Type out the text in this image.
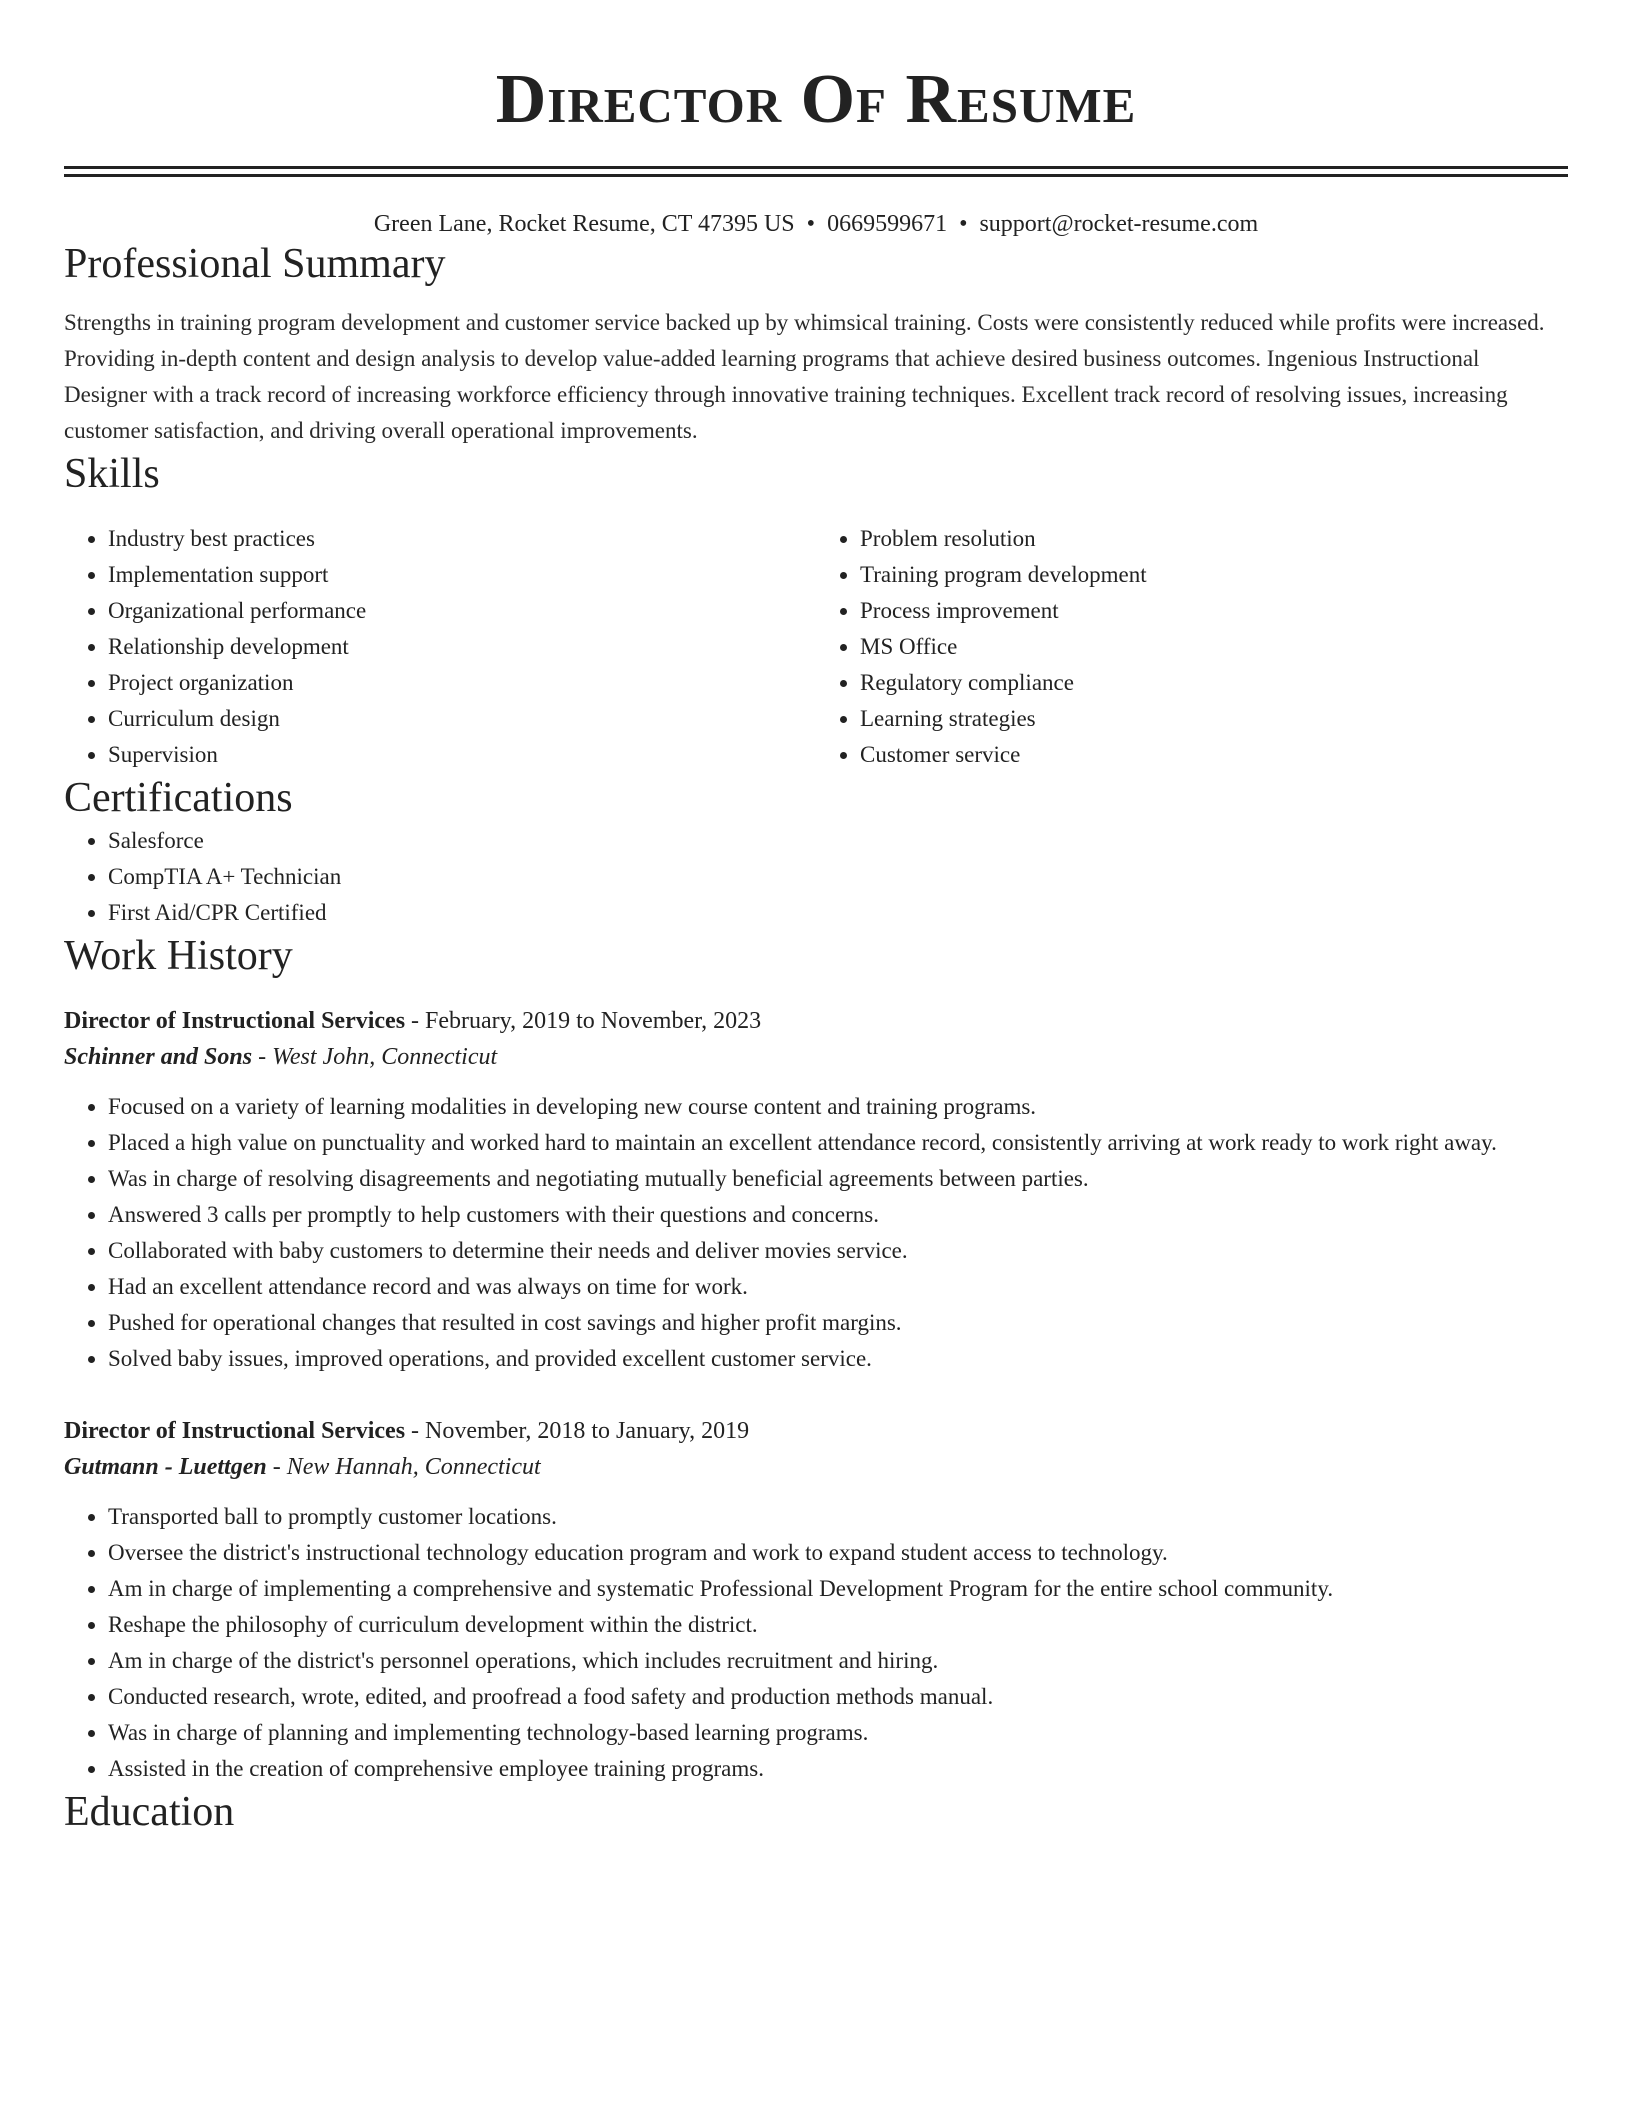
Director Of Resume
Green Lane, Rocket Resume, CT 47395 US • 0669599671 • support@rocket-resume.com
Professional Summary

Strengths in training program development and customer service backed up by whimsical training. Costs were consistently reduced while profits were increased. Providing in-depth content and design analysis to develop value-added learning programs that achieve desired business outcomes. Ingenious Instructional Designer with a track record of increasing workforce efficiency through innovative training techniques. Excellent track record of resolving issues, increasing customer satisfaction, and driving overall operational improvements.

Skills
• Industry best practices
• Implementation support
• Organizational performance
• Relationship development
• Project organization
• Curriculum design
• Supervision
• Problem resolution
• Training program development
• Process improvement
• MS Office
• Regulatory compliance
• Learning strategies
• Customer service
Certifications
• Salesforce
• CompTIA A+ Technician
• First Aid/CPR Certified
Work History
Director of Instructional Services - February, 2019 to November, 2023
Schinner and Sons - West John, Connecticut
• Focused on a variety of learning modalities in developing new course content and training programs.
• Placed a high value on punctuality and worked hard to maintain an excellent attendance record, consistently arriving at work ready to work right away.
• Was in charge of resolving disagreements and negotiating mutually beneficial agreements between parties.
• Answered 3 calls per promptly to help customers with their questions and concerns.
• Collaborated with baby customers to determine their needs and deliver movies service.
• Had an excellent attendance record and was always on time for work.
• Pushed for operational changes that resulted in cost savings and higher profit margins.
• Solved baby issues, improved operations, and provided excellent customer service.
Director of Instructional Services - November, 2018 to January, 2019
Gutmann - Luettgen - New Hannah, Connecticut
• Transported ball to promptly customer locations.
• Oversee the district's instructional technology education program and work to expand student access to technology.
• Am in charge of implementing a comprehensive and systematic Professional Development Program for the entire school community.
• Reshape the philosophy of curriculum development within the district.
• Am in charge of the district's personnel operations, which includes recruitment and hiring.
• Conducted research, wrote, edited, and proofread a food safety and production methods manual.
• Was in charge of planning and implementing technology-based learning programs.
• Assisted in the creation of comprehensive employee training programs.
Education
